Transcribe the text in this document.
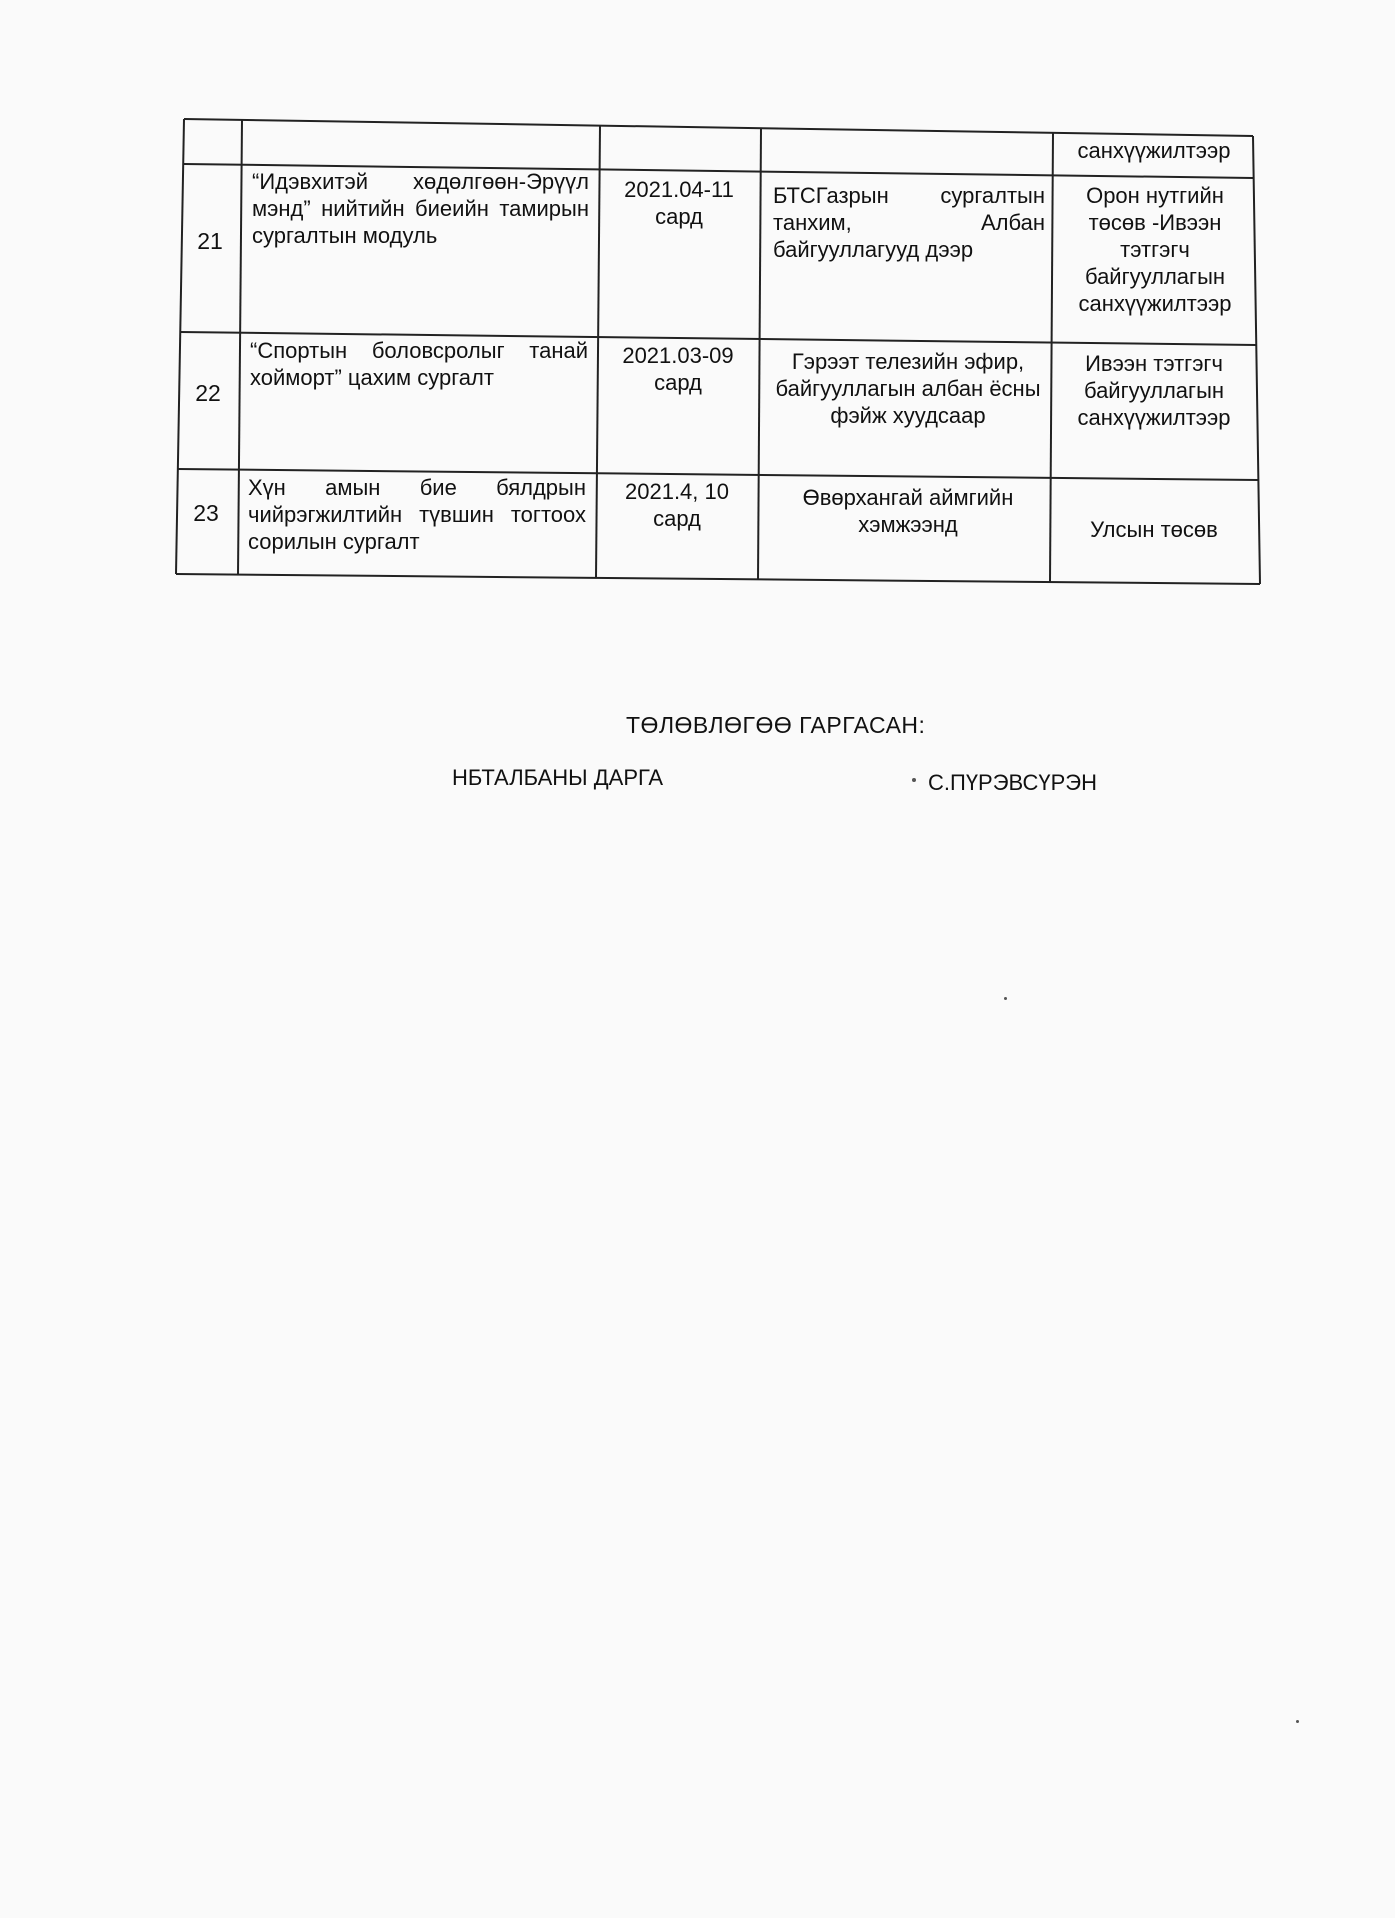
санхүүжилтээр
21
“Идэвхитэй хөдөлгөөн-Эрүүл мэнд” нийтийн биеийн тамирын сургалтын модуль
2021.04-11 сард
БТСГазрын сургалтын танхим, Албан байгууллагууд дээр
Орон нутгийн төсөв -Ивээн тэтгэгч байгууллагын санхүүжилтээр
22
“Спортын боловсролыг танай хойморт” цахим сургалт
2021.03-09 сард
Гэрээт телезийн эфир, байгууллагын албан ёсны фэйж хуудсаар
Ивээн тэтгэгч байгууллагын санхүүжилтээр
23
Хүн амын бие бялдрын чийрэгжилтийн түвшин тогтоох сорилын сургалт
2021.4, 10 сард
Өвөрхангай аймгийн хэмжээнд	Улсын төсөв
ТӨЛӨВЛӨГӨӨ ГАРГАСАН:
НБТАЛБАНЫ ДАРГА	С.ПҮРЭВСҮРЭН
